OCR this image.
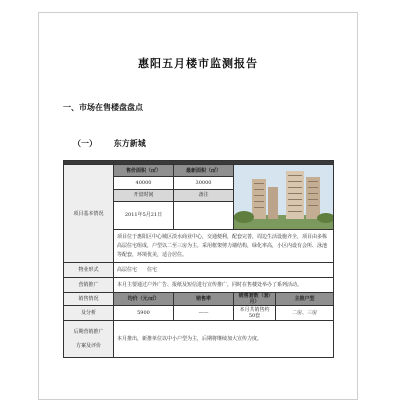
惠阳五月楼市监测报告
一、市场在售楼盘盘点
（一） 东方新城

项目基本情况	售价面积（㎡）	最新面积（㎡）	

	40000	30000		
	开盘时间	备注		
	2011年5月21日			
	项目位于惠阳区中心城区淡水商业中心，交通便利，配套完善，周边生活设施齐全，项目由多栋高层住宅组成，户型以二至三房为主，采用框架剪力墙结构，绿化率高，小区内设有会所、泳池等配套，环境优美，适合居住。			
物业形式	高层住宅　　住宅			
营销推广	本月主要通过户外广告、报纸及短信进行宣传推广，同时在售楼处举办了系列活动。			
销售情况	均价（元/㎡）	销售率	销售套数（套/月）	主推户型
及分析	5900	——	本月共销售约50套	二房、三房

后期营销推广
方案及评价	本月推出，新推单位以中小户型为主，后期将继续加大宣传力度。			
